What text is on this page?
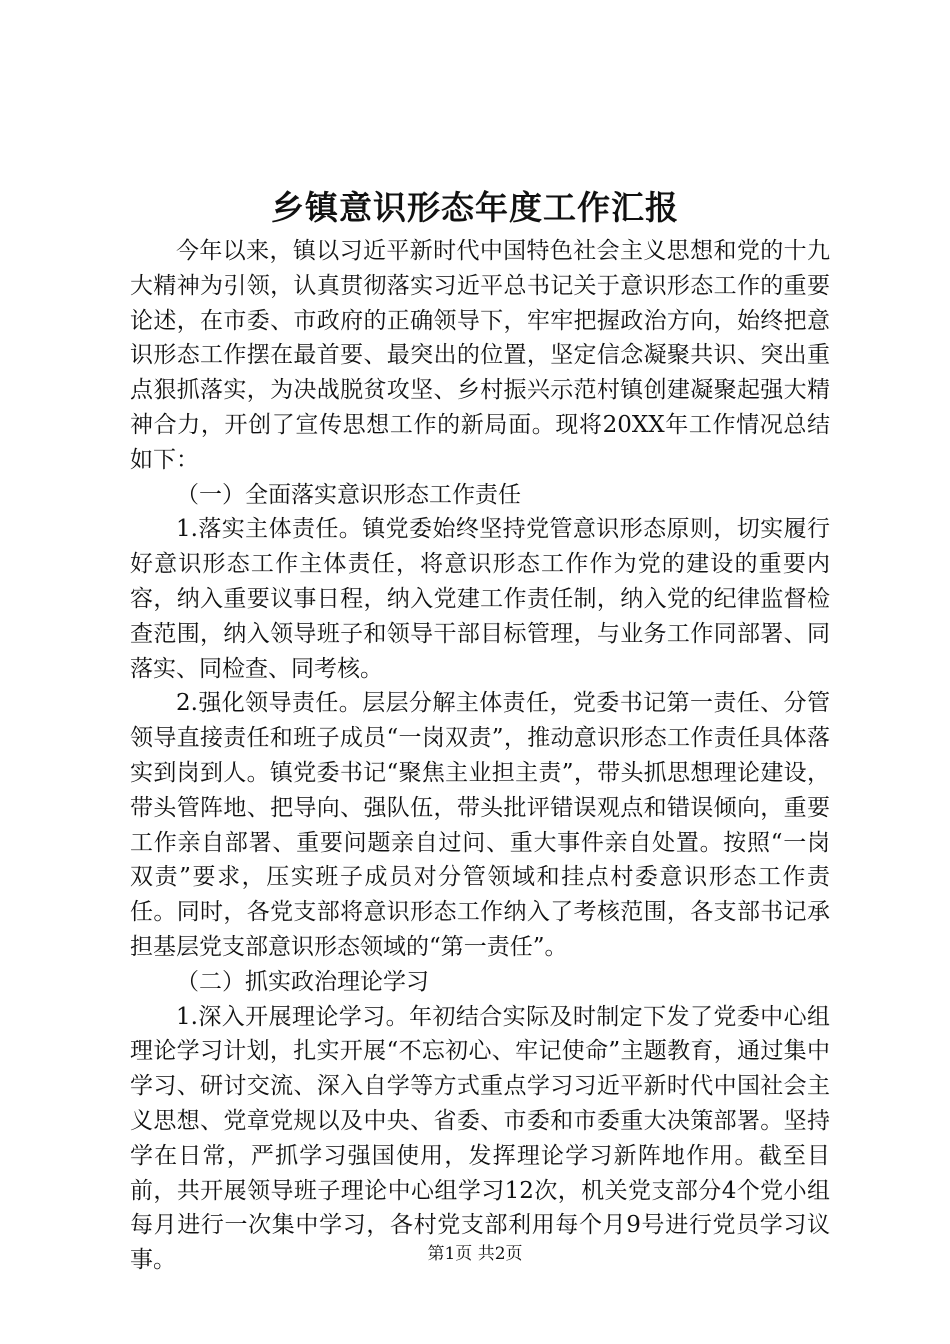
乡镇意识形态年度工作汇报

今年以来，镇以习近平新时代中国特色社会主义思想和党的十九大精神为引领，认真贯彻落实习近平总书记关于意识形态工作的重要论述，在市委、市政府的正确领导下，牢牢把握政治方向，始终把意识形态工作摆在最首要、最突出的位置，坚定信念凝聚共识、突出重点狠抓落实，为决战脱贫攻坚、乡村振兴示范村镇创建凝聚起强大精神合力，开创了宣传思想工作的新局面。现将20XX年工作情况总结如下：

（一）全面落实意识形态工作责任

1.落实主体责任。镇党委始终坚持党管意识形态原则，切实履行好意识形态工作主体责任，将意识形态工作作为党的建设的重要内容，纳入重要议事日程，纳入党建工作责任制，纳入党的纪律监督检查范围，纳入领导班子和领导干部目标管理，与业务工作同部署、同落实、同检查、同考核。

2.强化领导责任。层层分解主体责任，党委书记第一责任、分管领导直接责任和班子成员“一岗双责”，推动意识形态工作责任具体落实到岗到人。镇党委书记“聚焦主业担主责”，带头抓思想理论建设，带头管阵地、把导向、强队伍，带头批评错误观点和错误倾向，重要工作亲自部署、重要问题亲自过问、重大事件亲自处置。按照“一岗双责”要求，压实班子成员对分管领域和挂点村委意识形态工作责任。同时，各党支部将意识形态工作纳入了考核范围，各支部书记承担基层党支部意识形态领域的“第一责任”。

（二）抓实政治理论学习

1.深入开展理论学习。年初结合实际及时制定下发了党委中心组理论学习计划，扎实开展“不忘初心、牢记使命”主题教育，通过集中学习、研讨交流、深入自学等方式重点学习习近平新时代中国社会主义思想、党章党规以及中央、省委、市委和市委重大决策部署。坚持学在日常，严抓学习强国使用，发挥理论学习新阵地作用。截至目前，共开展领导班子理论中心组学习12次，机关党支部分4个党小组每月进行一次集中学习，各村党支部利用每个月9号进行党员学习议事。	第1页 共2页
